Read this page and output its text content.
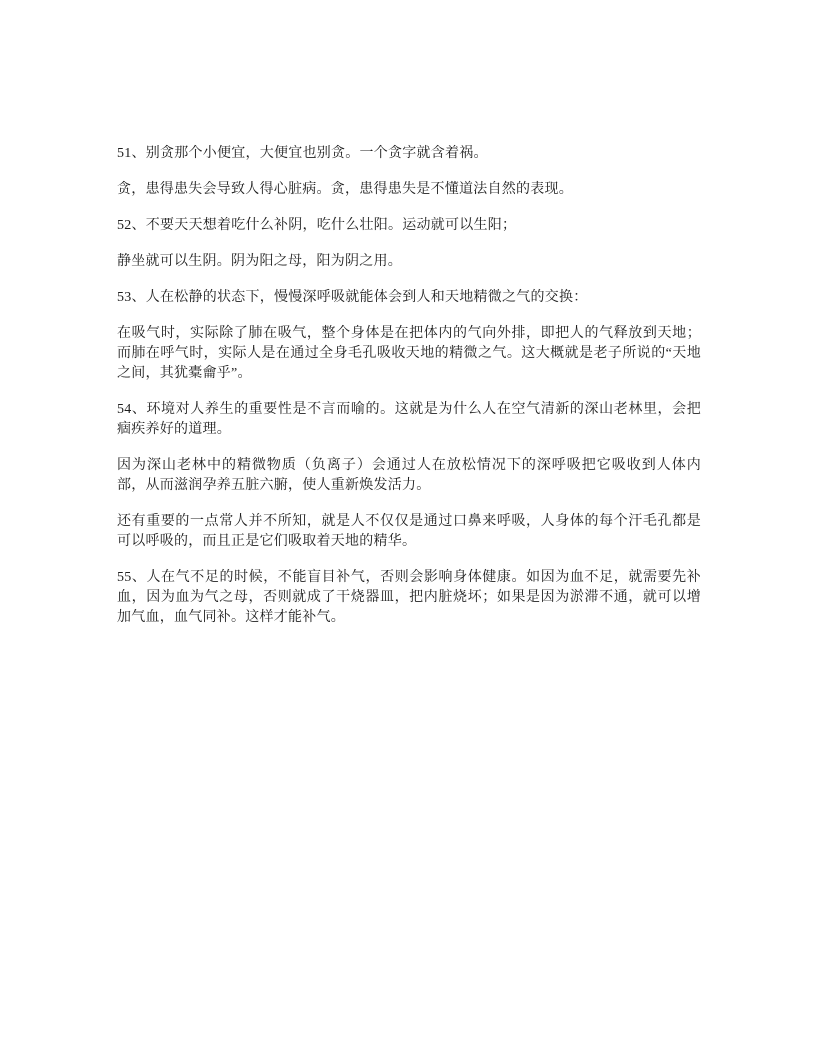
51、别贪那个小便宜，大便宜也别贪。一个贪字就含着祸。

贪，患得患失会导致人得心脏病。贪，患得患失是不懂道法自然的表现。

52、不要天天想着吃什么补阴，吃什么壮阳。运动就可以生阳；

静坐就可以生阴。阴为阳之母，阳为阴之用。

53、人在松静的状态下，慢慢深呼吸就能体会到人和天地精微之气的交换：

在吸气时，实际除了肺在吸气，整个身体是在把体内的气向外排，即把人的气释放到天地；而肺在呼气时，实际人是在通过全身毛孔吸收天地的精微之气。这大概就是老子所说的“天地之间，其犹橐龠乎”。

54、环境对人养生的重要性是不言而喻的。这就是为什么人在空气清新的深山老林里，会把痼疾养好的道理。

因为深山老林中的精微物质（负离子）会通过人在放松情况下的深呼吸把它吸收到人体内部，从而滋润孕养五脏六腑，使人重新焕发活力。

还有重要的一点常人并不所知，就是人不仅仅是通过口鼻来呼吸，人身体的每个汗毛孔都是可以呼吸的，而且正是它们吸取着天地的精华。

55、人在气不足的时候，不能盲目补气，否则会影响身体健康。如因为血不足，就需要先补血，因为血为气之母，否则就成了干烧器皿，把内脏烧坏；如果是因为淤滞不通，就可以增加气血，血气同补。这样才能补气。
